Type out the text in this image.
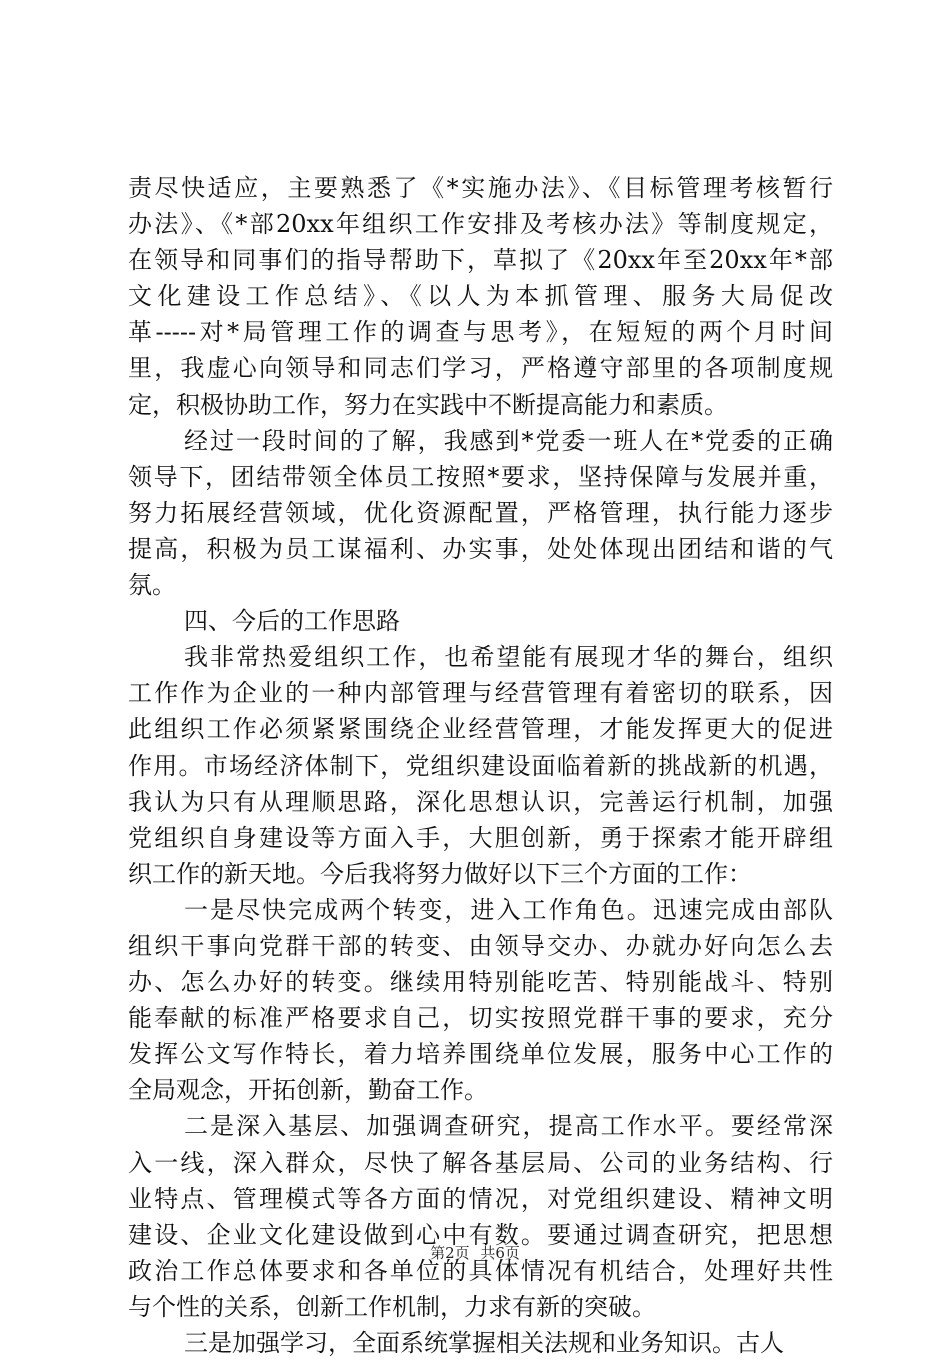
责尽快适应，主要熟悉了《*实施办法》、《目标管理考核暂行
办法》、《*部20xx年组织工作安排及考核办法》等制度规定，
在领导和同事们的指导帮助下，草拟了《20xx年至20xx年*部
文化建设工作总结》、《以人为本抓管理、服务大局促改
革-----对*局管理工作的调查与思考》，在短短的两个月时间
里，我虚心向领导和同志们学习，严格遵守部里的各项制度规
定，积极协助工作，努力在实践中不断提高能力和素质。
经过一段时间的了解，我感到*党委一班人在*党委的正确
领导下，团结带领全体员工按照*要求，坚持保障与发展并重，
努力拓展经营领域，优化资源配置，严格管理，执行能力逐步
提高，积极为员工谋福利、办实事，处处体现出团结和谐的气
氛。
四、今后的工作思路
我非常热爱组织工作，也希望能有展现才华的舞台，组织
工作作为企业的一种内部管理与经营管理有着密切的联系，因
此组织工作必须紧紧围绕企业经营管理，才能发挥更大的促进
作用。市场经济体制下，党组织建设面临着新的挑战新的机遇，
我认为只有从理顺思路，深化思想认识，完善运行机制，加强
党组织自身建设等方面入手，大胆创新，勇于探索才能开辟组
织工作的新天地。今后我将努力做好以下三个方面的工作：
一是尽快完成两个转变，进入工作角色。迅速完成由部队
组织干事向党群干部的转变、由领导交办、办就办好向怎么去
办、怎么办好的转变。继续用特别能吃苦、特别能战斗、特别
能奉献的标准严格要求自己，切实按照党群干事的要求，充分
发挥公文写作特长，着力培养围绕单位发展，服务中心工作的
全局观念，开拓创新，勤奋工作。
二是深入基层、加强调查研究，提高工作水平。要经常深
入一线，深入群众，尽快了解各基层局、公司的业务结构、行
业特点、管理模式等各方面的情况，对党组织建设、精神文明
建设、企业文化建设做到心中有数。要通过调查研究，把思想
政治工作总体要求和各单位的具体情况有机结合，处理好共性
与个性的关系，创新工作机制，力求有新的突破。
三是加强学习，全面系统掌握相关法规和业务知识。古人
第2页 共6页
